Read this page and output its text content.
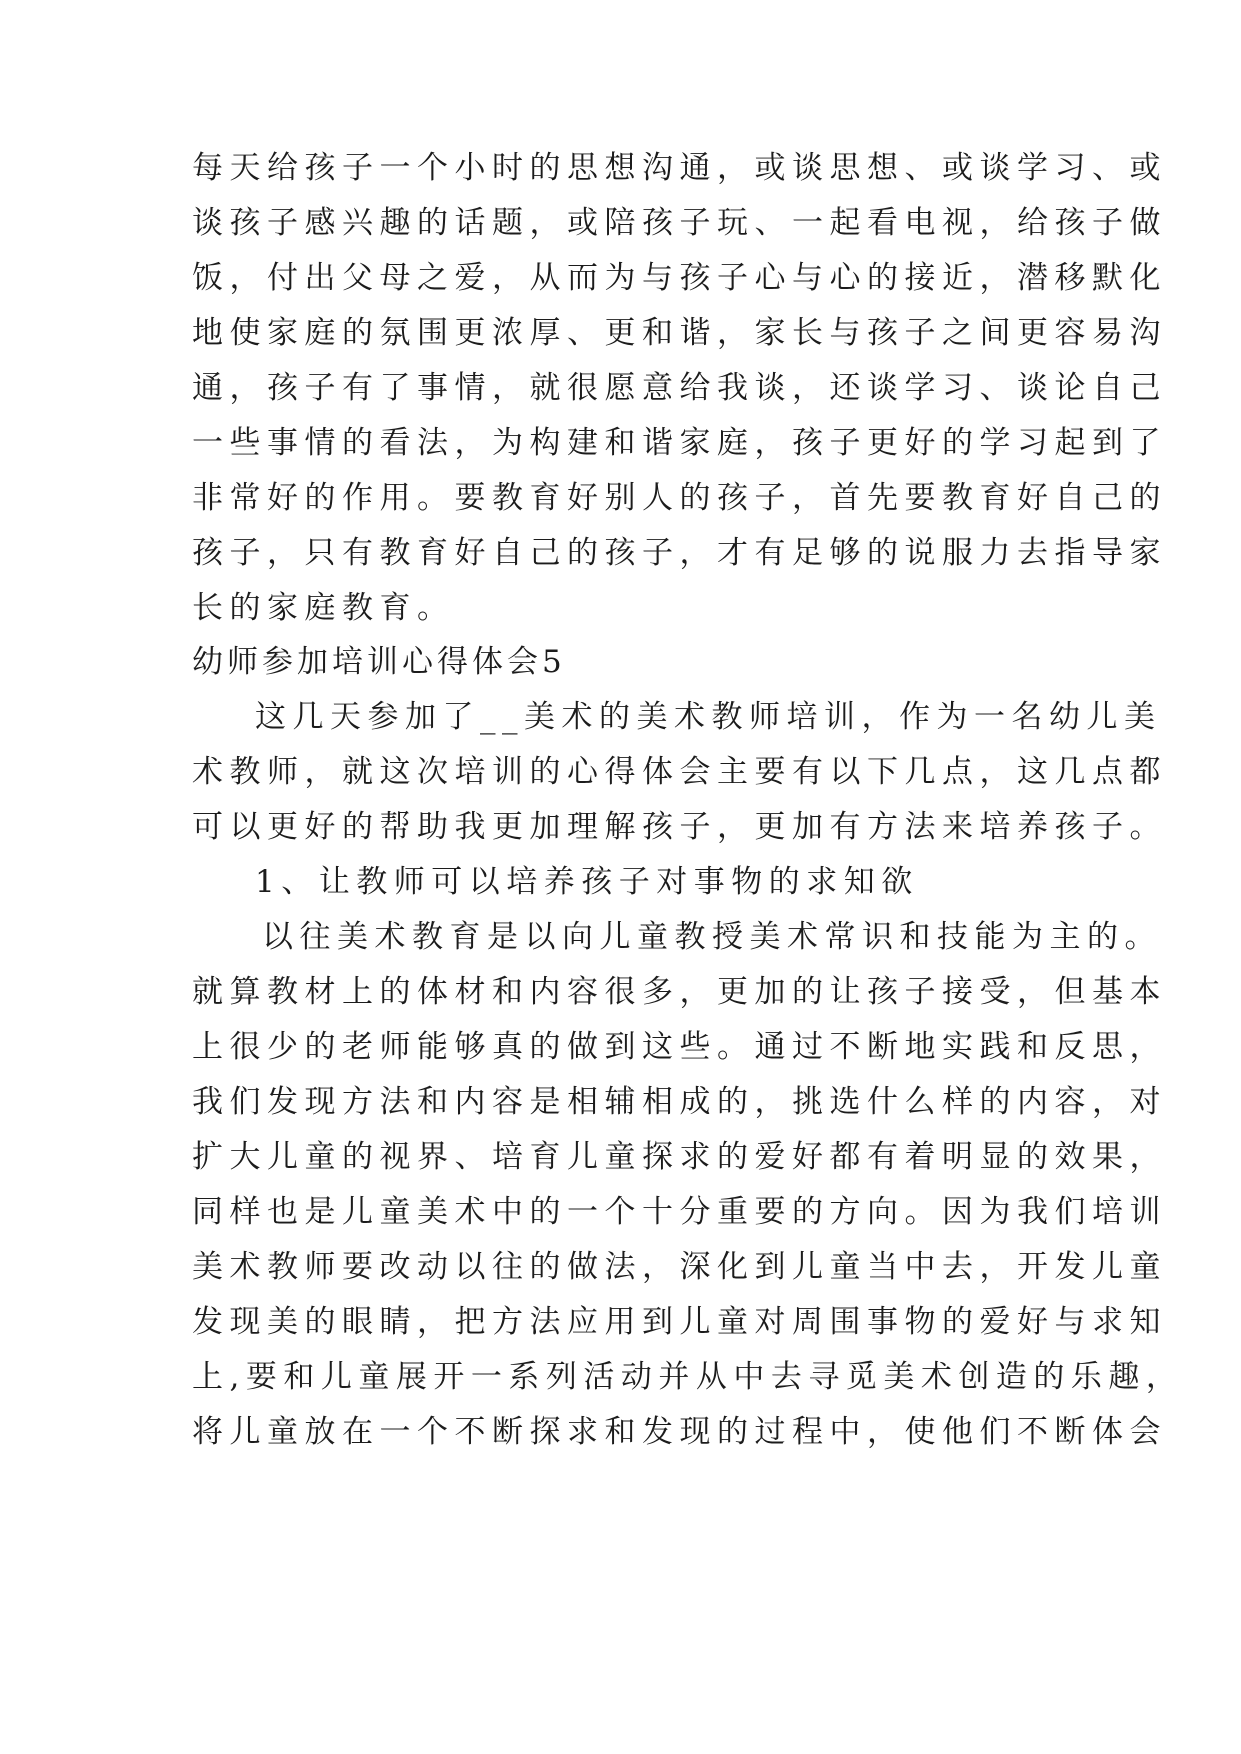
每天给孩子一个小时的思想沟通，或谈思想、或谈学习、或
谈孩子感兴趣的话题，或陪孩子玩、一起看电视，给孩子做
饭，付出父母之爱，从而为与孩子心与心的接近，潜移默化
地使家庭的氛围更浓厚、更和谐，家长与孩子之间更容易沟
通，孩子有了事情，就很愿意给我谈，还谈学习、谈论自己
一些事情的看法，为构建和谐家庭，孩子更好的学习起到了
非常好的作用。要教育好别人的孩子，首先要教育好自己的
孩子，只有教育好自己的孩子，才有足够的说服力去指导家
长的家庭教育。
幼师参加培训心得体会5
这几天参加了__美术的美术教师培训，作为一名幼儿美
术教师，就这次培训的心得体会主要有以下几点，这几点都
可以更好的帮助我更加理解孩子，更加有方法来培养孩子。
1、让教师可以培养孩子对事物的求知欲
以往美术教育是以向儿童教授美术常识和技能为主的。
就算教材上的体材和内容很多，更加的让孩子接受，但基本
上很少的老师能够真的做到这些。通过不断地实践和反思，
我们发现方法和内容是相辅相成的，挑选什么样的内容，对
扩大儿童的视界、培育儿童探求的爱好都有着明显的效果，
同样也是儿童美术中的一个十分重要的方向。因为我们培训
美术教师要改动以往的做法，深化到儿童当中去，开发儿童
发现美的眼睛，把方法应用到儿童对周围事物的爱好与求知
上,要和儿童展开一系列活动并从中去寻觅美术创造的乐趣，
将儿童放在一个不断探求和发现的过程中，使他们不断体会
